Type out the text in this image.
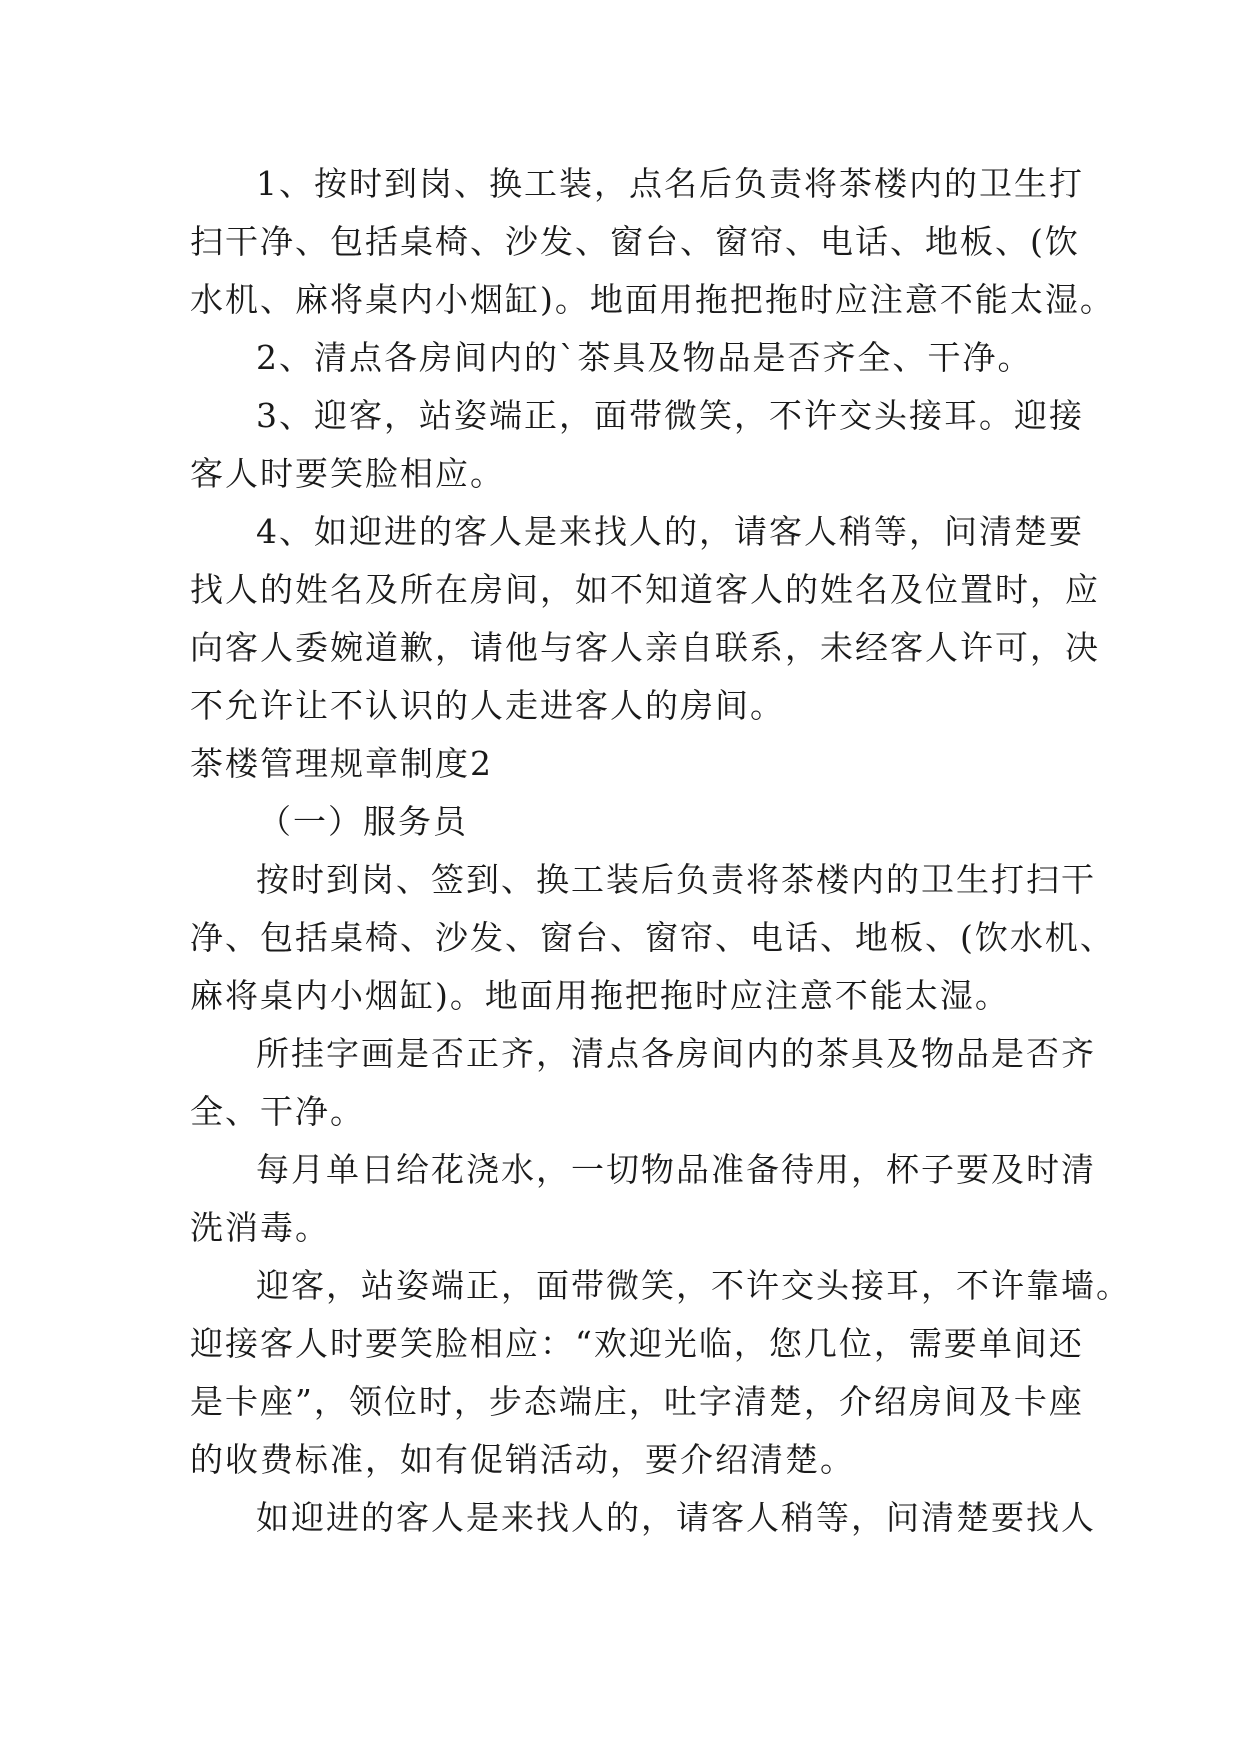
1、按时到岗、换工装，点名后负责将茶楼内的卫生打
扫干净、包括桌椅、沙发、窗台、窗帘、电话、地板、(饮
水机、麻将桌内小烟缸)。地面用拖把拖时应注意不能太湿。
2、清点各房间内的`茶具及物品是否齐全、干净。
3、迎客，站姿端正，面带微笑，不许交头接耳。迎接
客人时要笑脸相应。
4、如迎进的客人是来找人的，请客人稍等，问清楚要
找人的姓名及所在房间，如不知道客人的姓名及位置时，应
向客人委婉道歉，请他与客人亲自联系，未经客人许可，决
不允许让不认识的人走进客人的房间。
茶楼管理规章制度2
（一）服务员
按时到岗、签到、换工装后负责将茶楼内的卫生打扫干
净、包括桌椅、沙发、窗台、窗帘、电话、地板、(饮水机、
麻将桌内小烟缸)。地面用拖把拖时应注意不能太湿。
所挂字画是否正齐，清点各房间内的茶具及物品是否齐
全、干净。
每月单日给花浇水，一切物品准备待用，杯子要及时清
洗消毒。
迎客，站姿端正，面带微笑，不许交头接耳，不许靠墙。
迎接客人时要笑脸相应：“欢迎光临，您几位，需要单间还
是卡座”，领位时，步态端庄，吐字清楚，介绍房间及卡座
的收费标准，如有促销活动，要介绍清楚。
如迎进的客人是来找人的，请客人稍等，问清楚要找人
